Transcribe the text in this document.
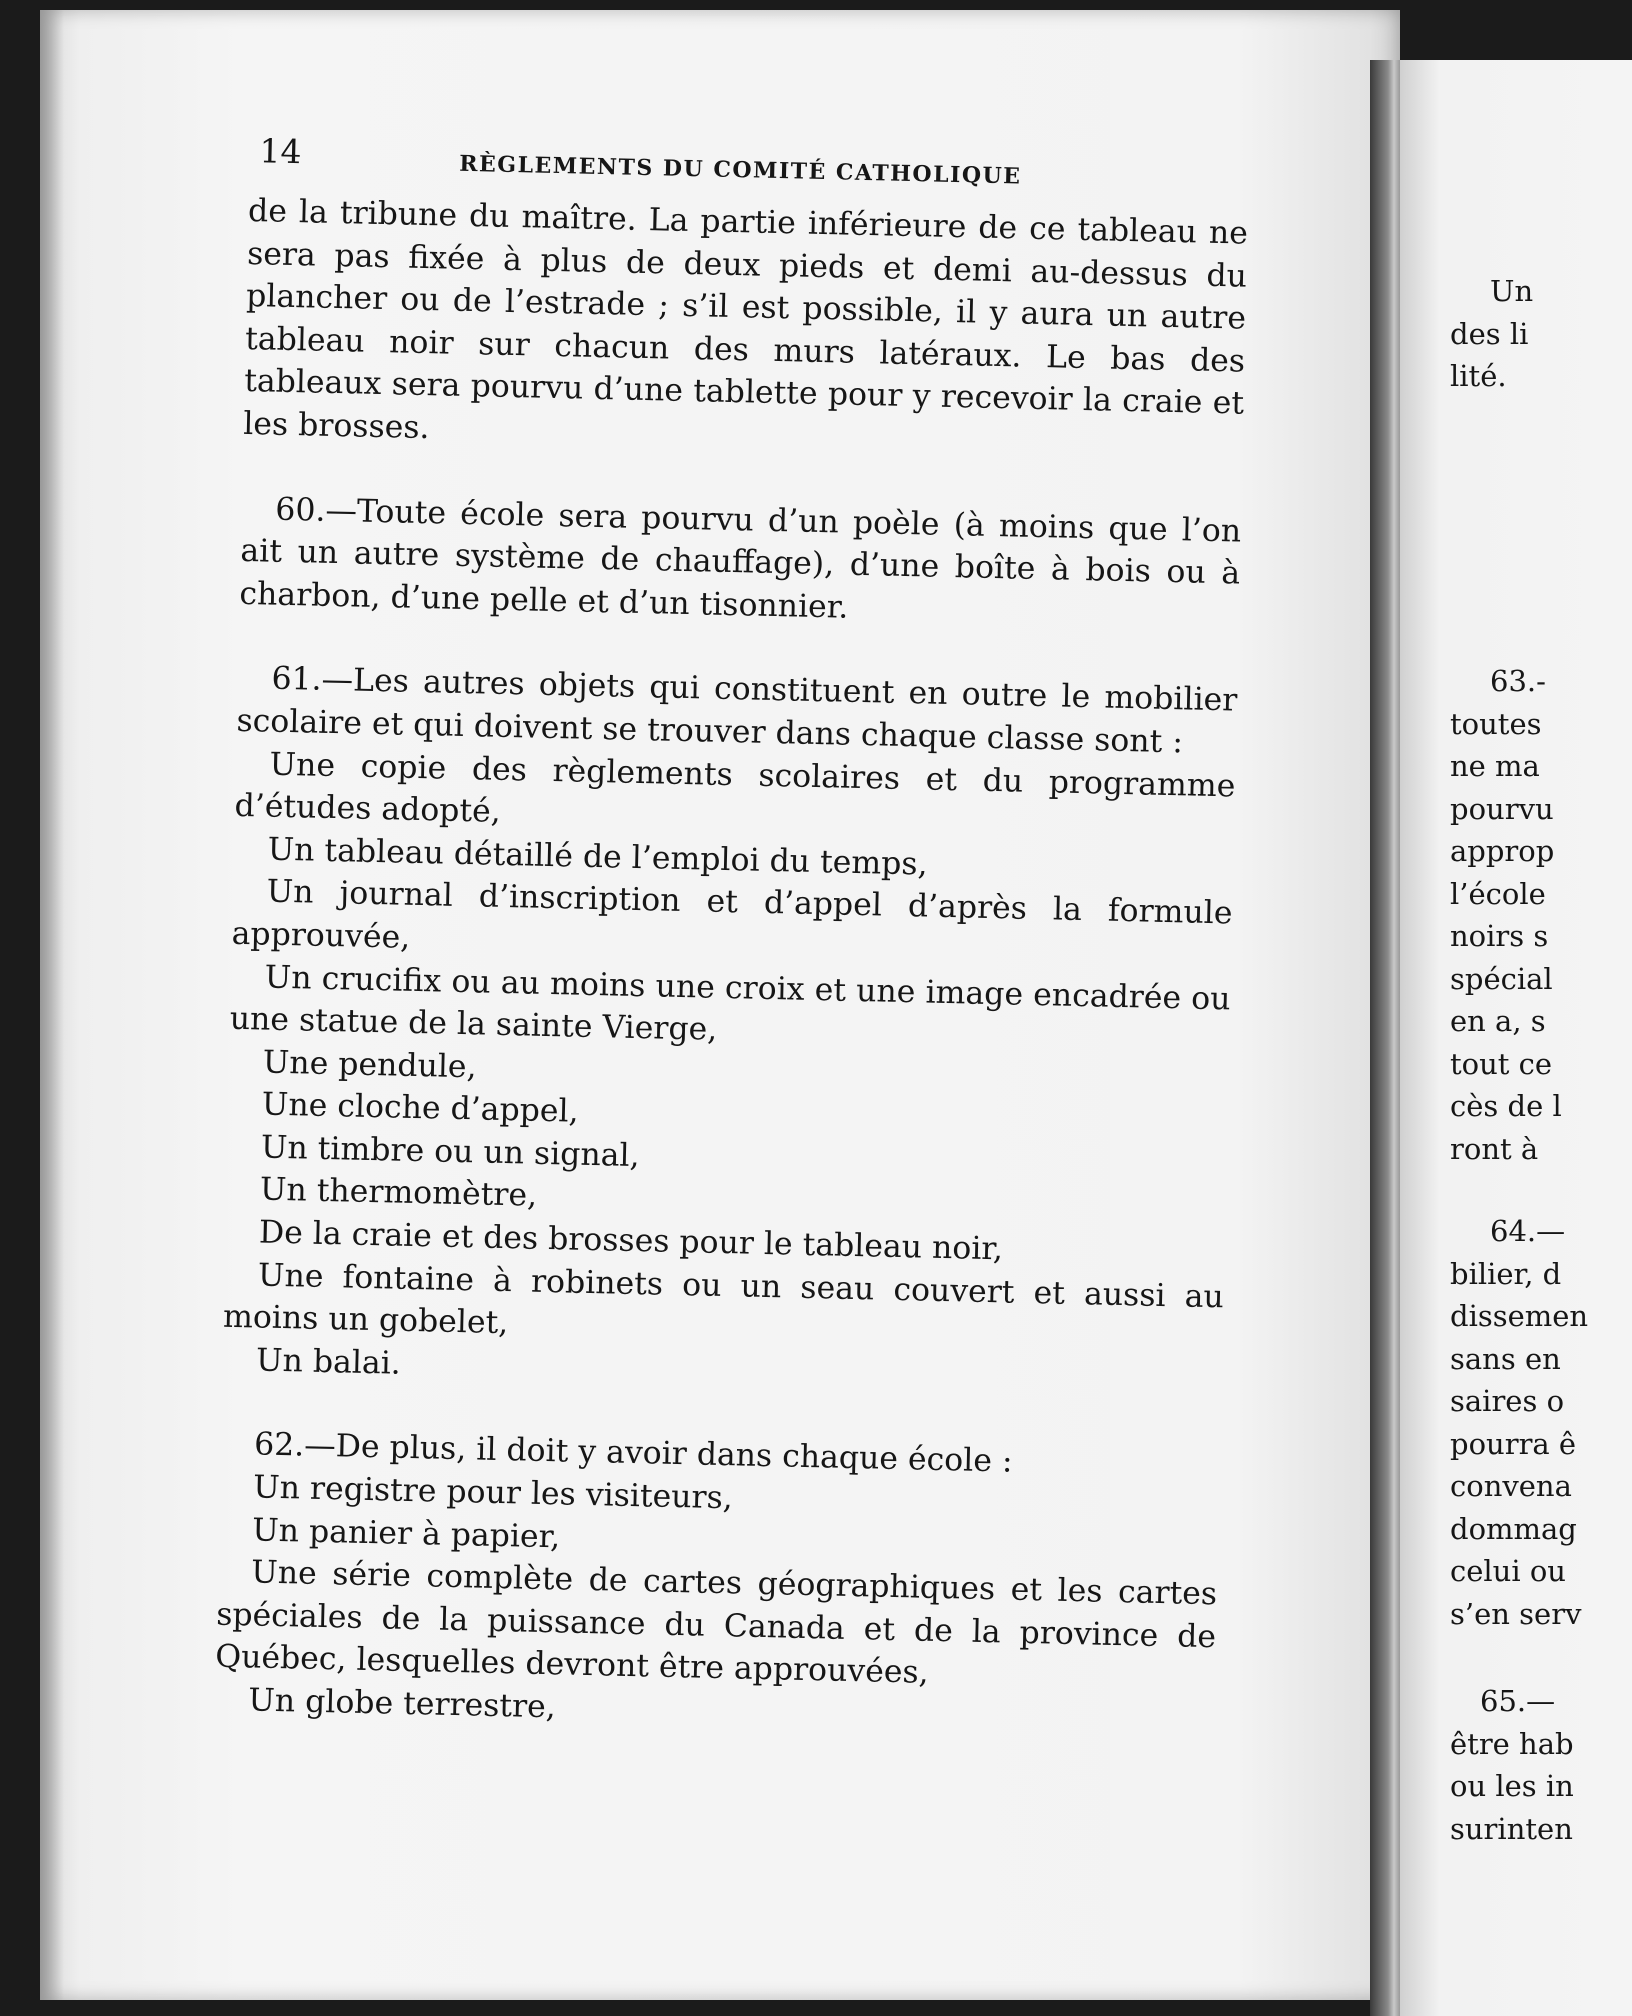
Un
des li
lité.
63.-
toutes
ne ma
pourvu
approp
l’école
noirs s
spécial
en a, s
tout ce
cès de l
ront à
64.—
bilier, d
dissemen
sans en
saires o
pourra ê
convena
dommag
celui ou
s’en serv
65.—
être hab
ou les in
surinten
14	RÈGLEMENTS DU COMITÉ CATHOLIQUE

de la tribune du maître. La partie inférieure de ce tableau ne sera pas fixée à plus de deux pieds et demi au-dessus du plancher ou de l’estrade ; s’il est possible, il y aura un autre tableau noir sur chacun des murs latéraux. Le bas des tableaux sera pourvu d’une tablette pour y recevoir la craie et les brosses.

60.—Toute école sera pourvu d’un poèle (à moins que l’on ait un autre système de chauffage), d’une boîte à bois ou à charbon, d’une pelle et d’un tisonnier.

61.—Les autres objets qui constituent en outre le mobilier scolaire et qui doivent se trouver dans chaque classe sont :

Une copie des règlements scolaires et du programme d’études adopté,
Un tableau détaillé de l’emploi du temps,
Un journal d’inscription et d’appel d’après la formule approuvée,
Un crucifix ou au moins une croix et une image encadrée ou une statue de la sainte Vierge,
Une pendule,
Une cloche d’appel,
Un timbre ou un signal,
Un thermomètre,
De la craie et des brosses pour le tableau noir,
Une fontaine à robinets ou un seau couvert et aussi au moins un gobelet,
Un balai.

62.—De plus, il doit y avoir dans chaque école :

Un registre pour les visiteurs,
Un panier à papier,
Une série complète de cartes géographiques et les cartes spéciales de la puissance du Canada et de la province de Québec, lesquelles devront être approuvées,
Un globe terrestre,
